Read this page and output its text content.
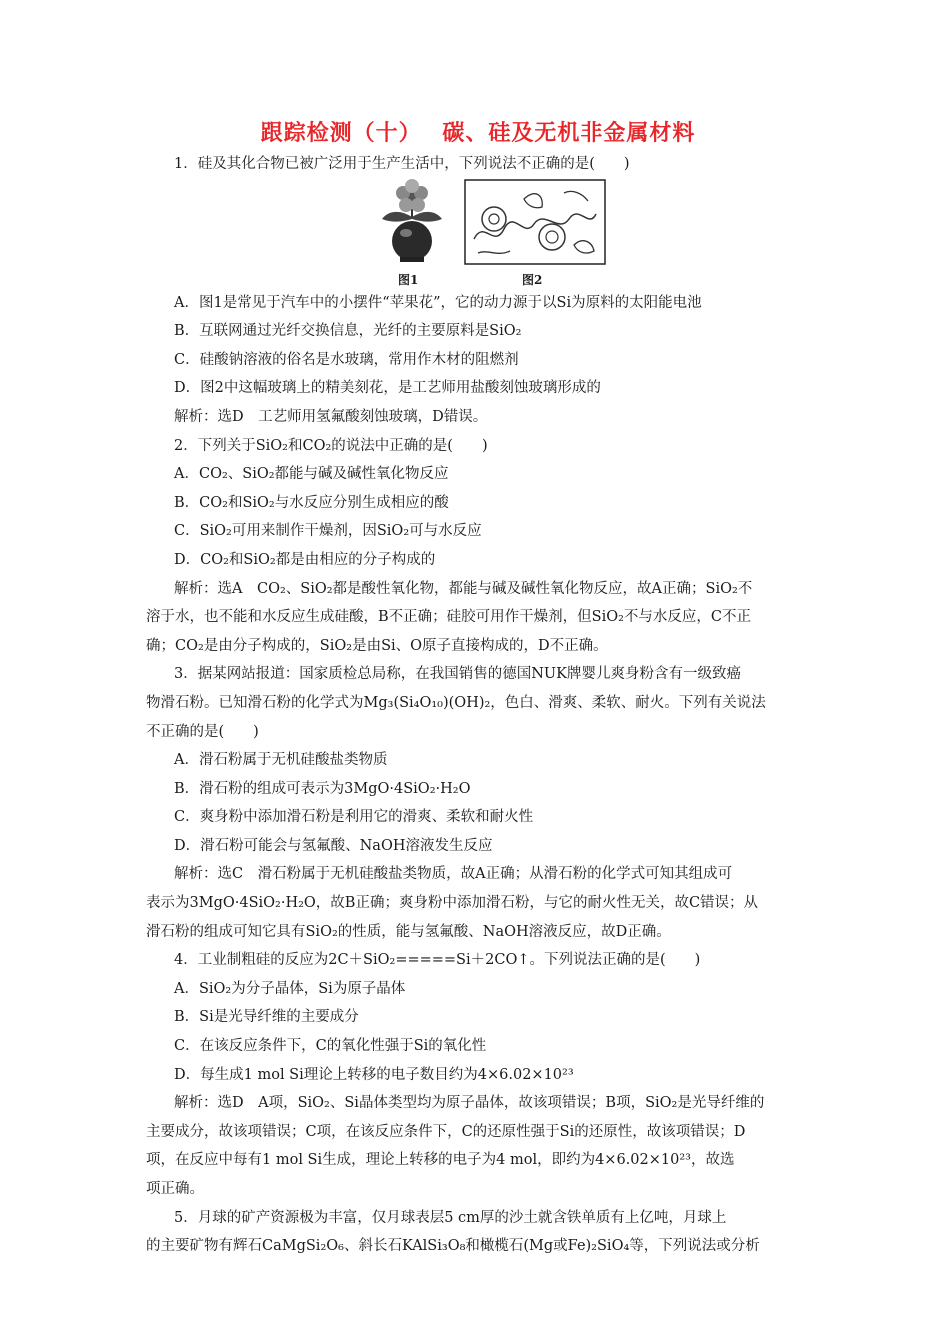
跟踪检测（十）　 碳、硅及无机非金属材料
1．硅及其化合物已被广泛用于生产生活中，下列说法不正确的是(　　)
图1	图2
A．图1是常见于汽车中的小摆件“苹果花”，它的动力源于以Si为原料的太阳能电池
B．互联网通过光纤交换信息，光纤的主要原料是SiO₂
C．硅酸钠溶液的俗名是水玻璃，常用作木材的阻燃剂
D．图2中这幅玻璃上的精美刻花，是工艺师用盐酸刻蚀玻璃形成的
解析：选D　工艺师用氢氟酸刻蚀玻璃，D错误。
2．下列关于SiO₂和CO₂的说法中正确的是(　　)
A．CO₂、SiO₂都能与碱及碱性氧化物反应
B．CO₂和SiO₂与水反应分别生成相应的酸
C．SiO₂可用来制作干燥剂，因SiO₂可与水反应
D．CO₂和SiO₂都是由相应的分子构成的
解析：选A　CO₂、SiO₂都是酸性氧化物，都能与碱及碱性氧化物反应，故A正确；SiO₂不
溶于水，也不能和水反应生成硅酸，B不正确；硅胶可用作干燥剂，但SiO₂不与水反应，C不正
确；CO₂是由分子构成的，SiO₂是由Si、O原子直接构成的，D不正确。
3．据某网站报道：国家质检总局称，在我国销售的德国NUK牌婴儿爽身粉含有一级致癌
物滑石粉。已知滑石粉的化学式为Mg₃(Si₄O₁₀)(OH)₂，色白、滑爽、柔软、耐火。下列有关说法
不正确的是(　　)
A．滑石粉属于无机硅酸盐类物质
B．滑石粉的组成可表示为3MgO·4SiO₂·H₂O
C．爽身粉中添加滑石粉是利用它的滑爽、柔软和耐火性
D．滑石粉可能会与氢氟酸、NaOH溶液发生反应
解析：选C　滑石粉属于无机硅酸盐类物质，故A正确；从滑石粉的化学式可知其组成可
表示为3MgO·4SiO₂·H₂O，故B正确；爽身粉中添加滑石粉，与它的耐火性无关，故C错误；从
滑石粉的组成可知它具有SiO₂的性质，能与氢氟酸、NaOH溶液反应，故D正确。
4．工业制粗硅的反应为2C＋SiO₂=====Si＋2CO↑。下列说法正确的是(　　)
A．SiO₂为分子晶体，Si为原子晶体
B．Si是光导纤维的主要成分
C．在该反应条件下，C的氧化性强于Si的氧化性
D．每生成1 mol Si理论上转移的电子数目约为4×6.02×10²³
解析：选D　A项，SiO₂、Si晶体类型均为原子晶体，故该项错误；B项，SiO₂是光导纤维的
主要成分，故该项错误；C项，在该反应条件下，C的还原性强于Si的还原性，故该项错误；D
项，在反应中每有1 mol Si生成，理论上转移的电子为4 mol，即约为4×6.02×10²³，故选
项正确。
5．月球的矿产资源极为丰富，仅月球表层5 cm厚的沙土就含铁单质有上亿吨，月球上
的主要矿物有辉石CaMgSi₂O₆、斜长石KAlSi₃O₈和橄榄石(Mg或Fe)₂SiO₄等，下列说法或分析
